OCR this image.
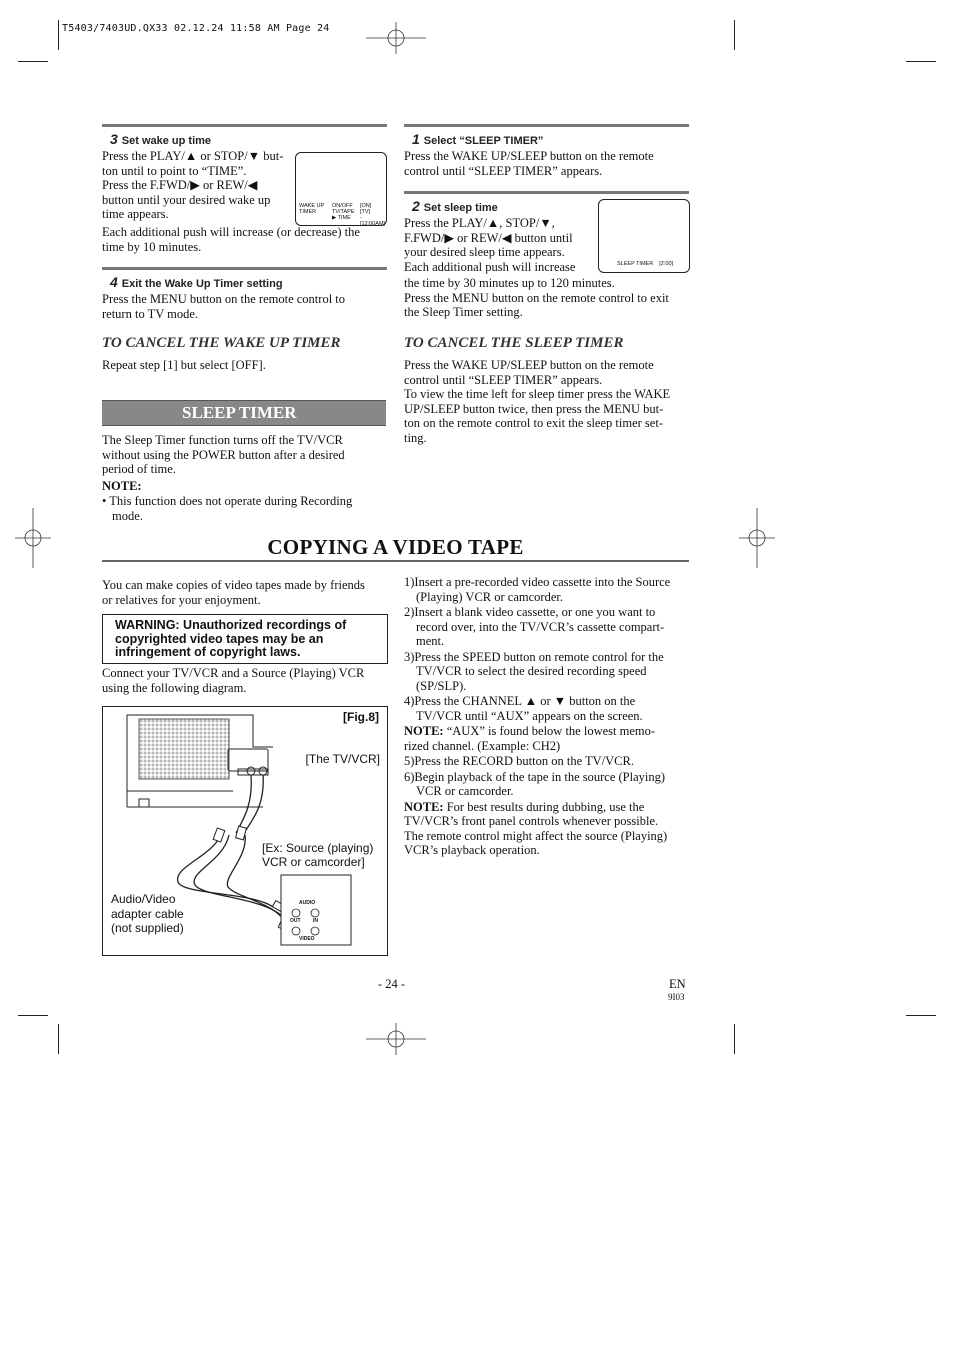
T5403/7403UD.QX33 02.12.24 11:58 AM Page 24
3 Set wake up time

Press the PLAY/▲ or STOP/▼ but-

ton until to point to “TIME”.

Press the F.FWD/▶ or REW/◀

button until your desired wake up

time appears.

WAKE UP
TIMER
ON/OFF
TV/TAPE
▶ TIME
[ON]
[TV]
-[12:00AM]

Each additional push will increase (or decrease) the

time by 10 minutes.

4 Exit the Wake Up Timer setting

Press the MENU button on the remote control to

return to TV mode.

TO CANCEL THE WAKE UP TIMER
Repeat step [1] but select [OFF].
SLEEP TIMER

The Sleep Timer function turns off the TV/VCR

without using the POWER button after a desired

period of time.

NOTE:

• This function does not operate during Recording

mode.

1 Select “SLEEP TIMER”

Press the WAKE UP/SLEEP button on the remote

control until “SLEEP TIMER” appears.

2 Set sleep time

Press the PLAY/▲, STOP/▼,

F.FWD/▶ or REW/◀ button until

your desired sleep time appears.

Each additional push will increase	SLEEP TIMER    [2:00]

the time by 30 minutes up to 120 minutes.

Press the MENU button on the remote control to exit

the Sleep Timer setting.

TO CANCEL THE SLEEP TIMER

Press the WAKE UP/SLEEP button on the remote

control until “SLEEP TIMER” appears.

To view the time left for sleep timer press the WAKE

UP/SLEEP button twice, then press the MENU but-

ton on the remote control to exit the sleep timer set-

ting.

COPYING A VIDEO TAPE

You can make copies of video tapes made by friends

or relatives for your enjoyment.

WARNING: Unauthorized recordings of
copyrighted video tapes may be an
infringement of copyright laws.

Connect your TV/VCR and a Source (Playing) VCR

using the following diagram.

[Fig.8]
[The TV/VCR]
[Ex: Source (playing)
VCR or camcorder]
Audio/Video
adapter cable
(not supplied)
AUDIO
OUT IN
VIDEO

1)Insert a pre-recorded video cassette into the Source
(Playing) VCR or camcorder.

2)Insert a blank video cassette, or one you want to
record over, into the TV/VCR’s cassette compart-
ment.

3)Press the SPEED button on remote control for the
TV/VCR to select the desired recording speed
(SP/SLP).

4)Press the CHANNEL ▲ or ▼ button on the
TV/VCR until “AUX” appears on the screen.

NOTE: “AUX” is found below the lowest memo-
rized channel. (Example: CH2)

5)Press the RECORD button on the TV/VCR.

6)Begin playback of the tape in the source (Playing)
VCR or camcorder.

NOTE: For best results during dubbing, use the
TV/VCR’s front panel controls whenever possible.
The remote control might affect the source (Playing)
VCR’s playback operation.

- 24 -	EN
9I03
